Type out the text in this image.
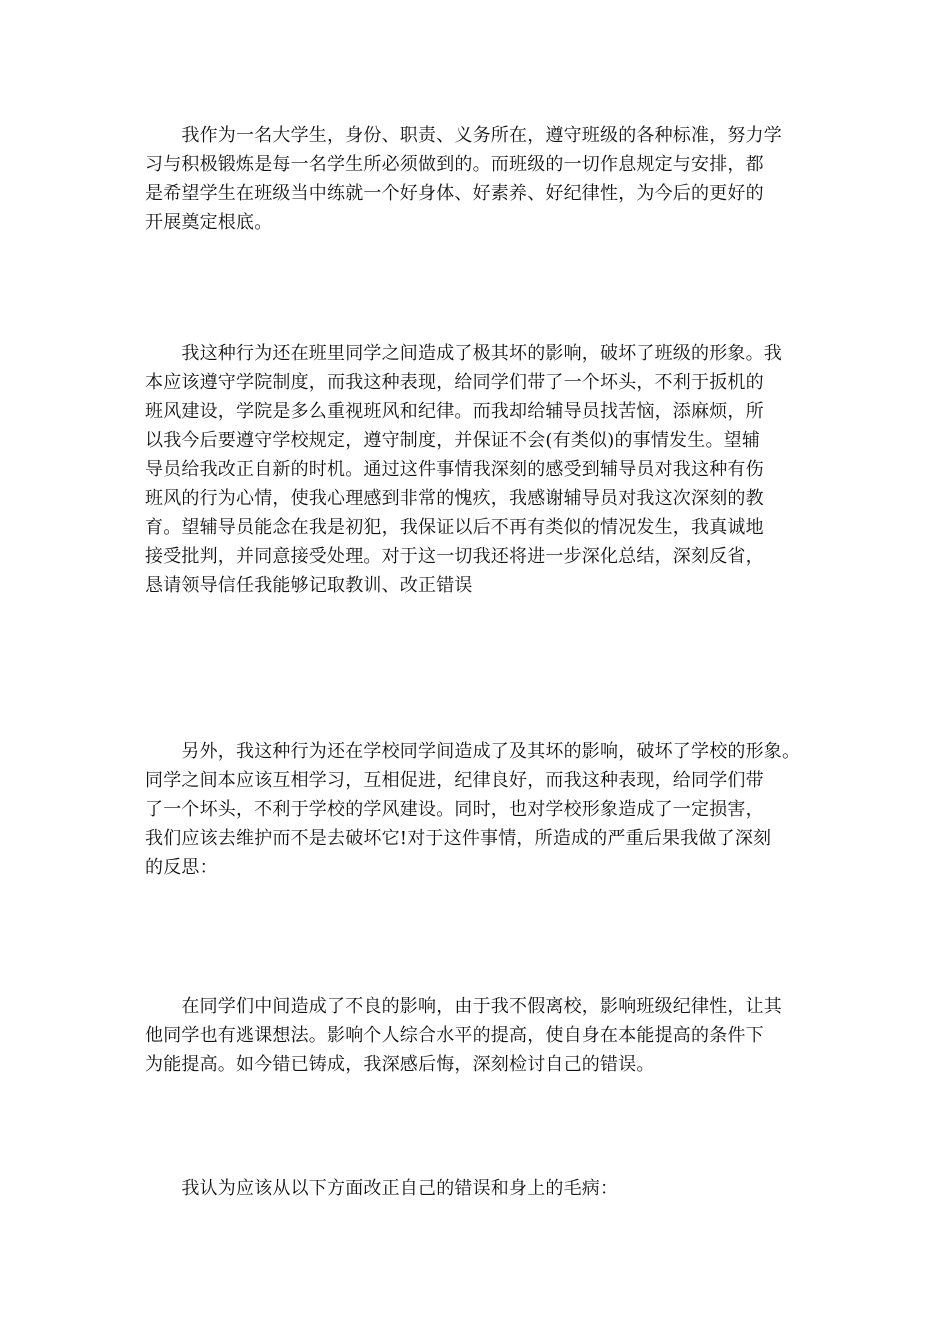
　　我作为一名大学生，身份、职责、义务所在，遵守班级的各种标准，努力学
习与积极锻炼是每一名学生所必须做到的。而班级的一切作息规定与安排，都
是希望学生在班级当中练就一个好身体、好素养、好纪律性，为今后的更好的
开展奠定根底。

　　我这种行为还在班里同学之间造成了极其坏的影响，破坏了班级的形象。我
本应该遵守学院制度，而我这种表现，给同学们带了一个坏头，不利于扳机的
班风建设，学院是多么重视班风和纪律。而我却给辅导员找苦恼，添麻烦，所
以我今后要遵守学校规定，遵守制度，并保证不会(有类似)的事情发生。望辅
导员给我改正自新的时机。通过这件事情我深刻的感受到辅导员对我这种有伤
班风的行为心情，使我心理感到非常的愧疚，我感谢辅导员对我这次深刻的教
育。望辅导员能念在我是初犯，我保证以后不再有类似的情况发生，我真诚地
接受批判，并同意接受处理。对于这一切我还将进一步深化总结，深刻反省，
恳请领导信任我能够记取教训、改正错误

　　另外，我这种行为还在学校同学间造成了及其坏的影响，破坏了学校的形象。
同学之间本应该互相学习，互相促进，纪律良好，而我这种表现，给同学们带
了一个坏头，不利于学校的学风建设。同时，也对学校形象造成了一定损害，
我们应该去维护而不是去破坏它!对于这件事情，所造成的严重后果我做了深刻
的反思：

　　在同学们中间造成了不良的影响，由于我不假离校，影响班级纪律性，让其
他同学也有逃课想法。影响个人综合水平的提高，使自身在本能提高的条件下
为能提高。如今错已铸成，我深感后悔，深刻检讨自己的错误。

　　我认为应该从以下方面改正自己的错误和身上的毛病：
